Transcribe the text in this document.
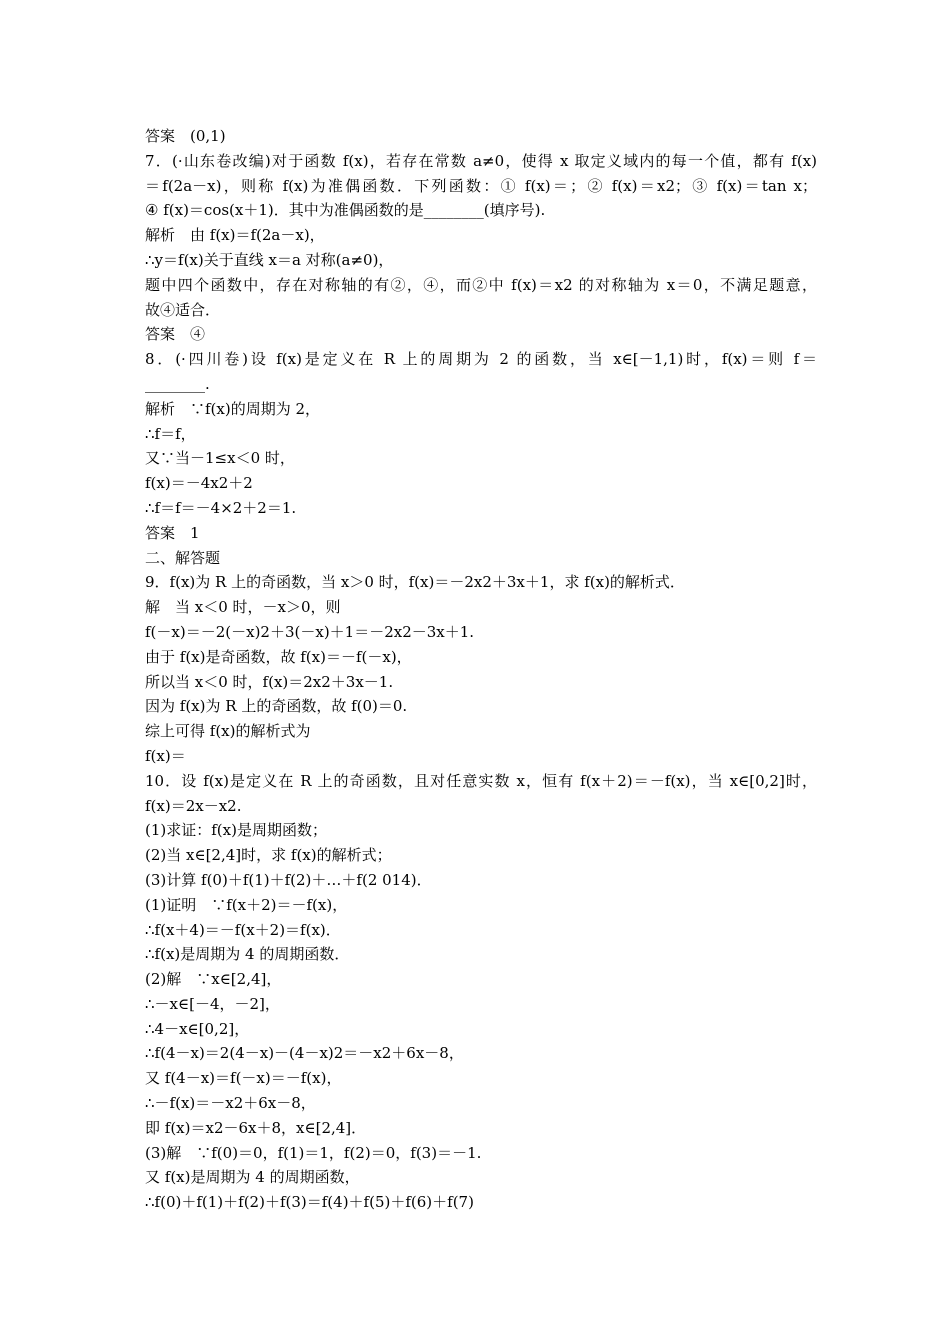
答案　(0,1)
7．(·山东卷改编)对于函数 f(x)，若存在常数 a≠0，使得 x 取定义域内的每一个值，都有 f(x)
＝f(2a－x)，则称 f(x)为准偶函数．下列函数：① f(x)＝；② f(x)＝x2；③ f(x)＝tan x；
④ f(x)＝cos(x＋1)．其中为准偶函数的是________(填序号).
解析　由 f(x)＝f(2a－x)，
∴y＝f(x)关于直线 x＝a 对称(a≠0)，
题中四个函数中，存在对称轴的有②，④，而②中 f(x)＝x2 的对称轴为 x＝0，不满足题意，
故④适合．
答案　④
8．(·四川卷)设 f(x)是定义在 R 上的周期为 2 的函数，当 x∈[－1,1)时，f(x)＝则 f＝
________.
解析　∵f(x)的周期为 2，
∴f＝f，
又∵当－1≤x＜0 时，
f(x)＝－4x2＋2
∴f＝f＝－4×2＋2＝1.
答案　1
二、解答题
9．f(x)为 R 上的奇函数，当 x＞0 时，f(x)＝－2x2＋3x＋1，求 f(x)的解析式．
解　当 x＜0 时，－x＞0，则
f(－x)＝－2(－x)2＋3(－x)＋1＝－2x2－3x＋1.
由于 f(x)是奇函数，故 f(x)＝－f(－x)，
所以当 x＜0 时，f(x)＝2x2＋3x－1.
因为 f(x)为 R 上的奇函数，故 f(0)＝0.
综上可得 f(x)的解析式为
f(x)＝
10．设 f(x)是定义在 R 上的奇函数，且对任意实数 x，恒有 f(x＋2)＝－f(x)，当 x∈[0,2]时，
f(x)＝2x－x2.
(1)求证：f(x)是周期函数；
(2)当 x∈[2,4]时，求 f(x)的解析式；
(3)计算 f(0)＋f(1)＋f(2)＋…＋f(2 014)．
(1)证明　∵f(x＋2)＝－f(x)，
∴f(x＋4)＝－f(x＋2)＝f(x)．
∴f(x)是周期为 4 的周期函数．
(2)解　∵x∈[2,4]，
∴－x∈[－4，－2]，
∴4－x∈[0,2]，
∴f(4－x)＝2(4－x)－(4－x)2＝－x2＋6x－8，
又 f(4－x)＝f(－x)＝－f(x)，
∴－f(x)＝－x2＋6x－8，
即 f(x)＝x2－6x＋8，x∈[2,4]．
(3)解　∵f(0)＝0，f(1)＝1，f(2)＝0，f(3)＝－1.
又 f(x)是周期为 4 的周期函数，
∴f(0)＋f(1)＋f(2)＋f(3)＝f(4)＋f(5)＋f(6)＋f(7)
